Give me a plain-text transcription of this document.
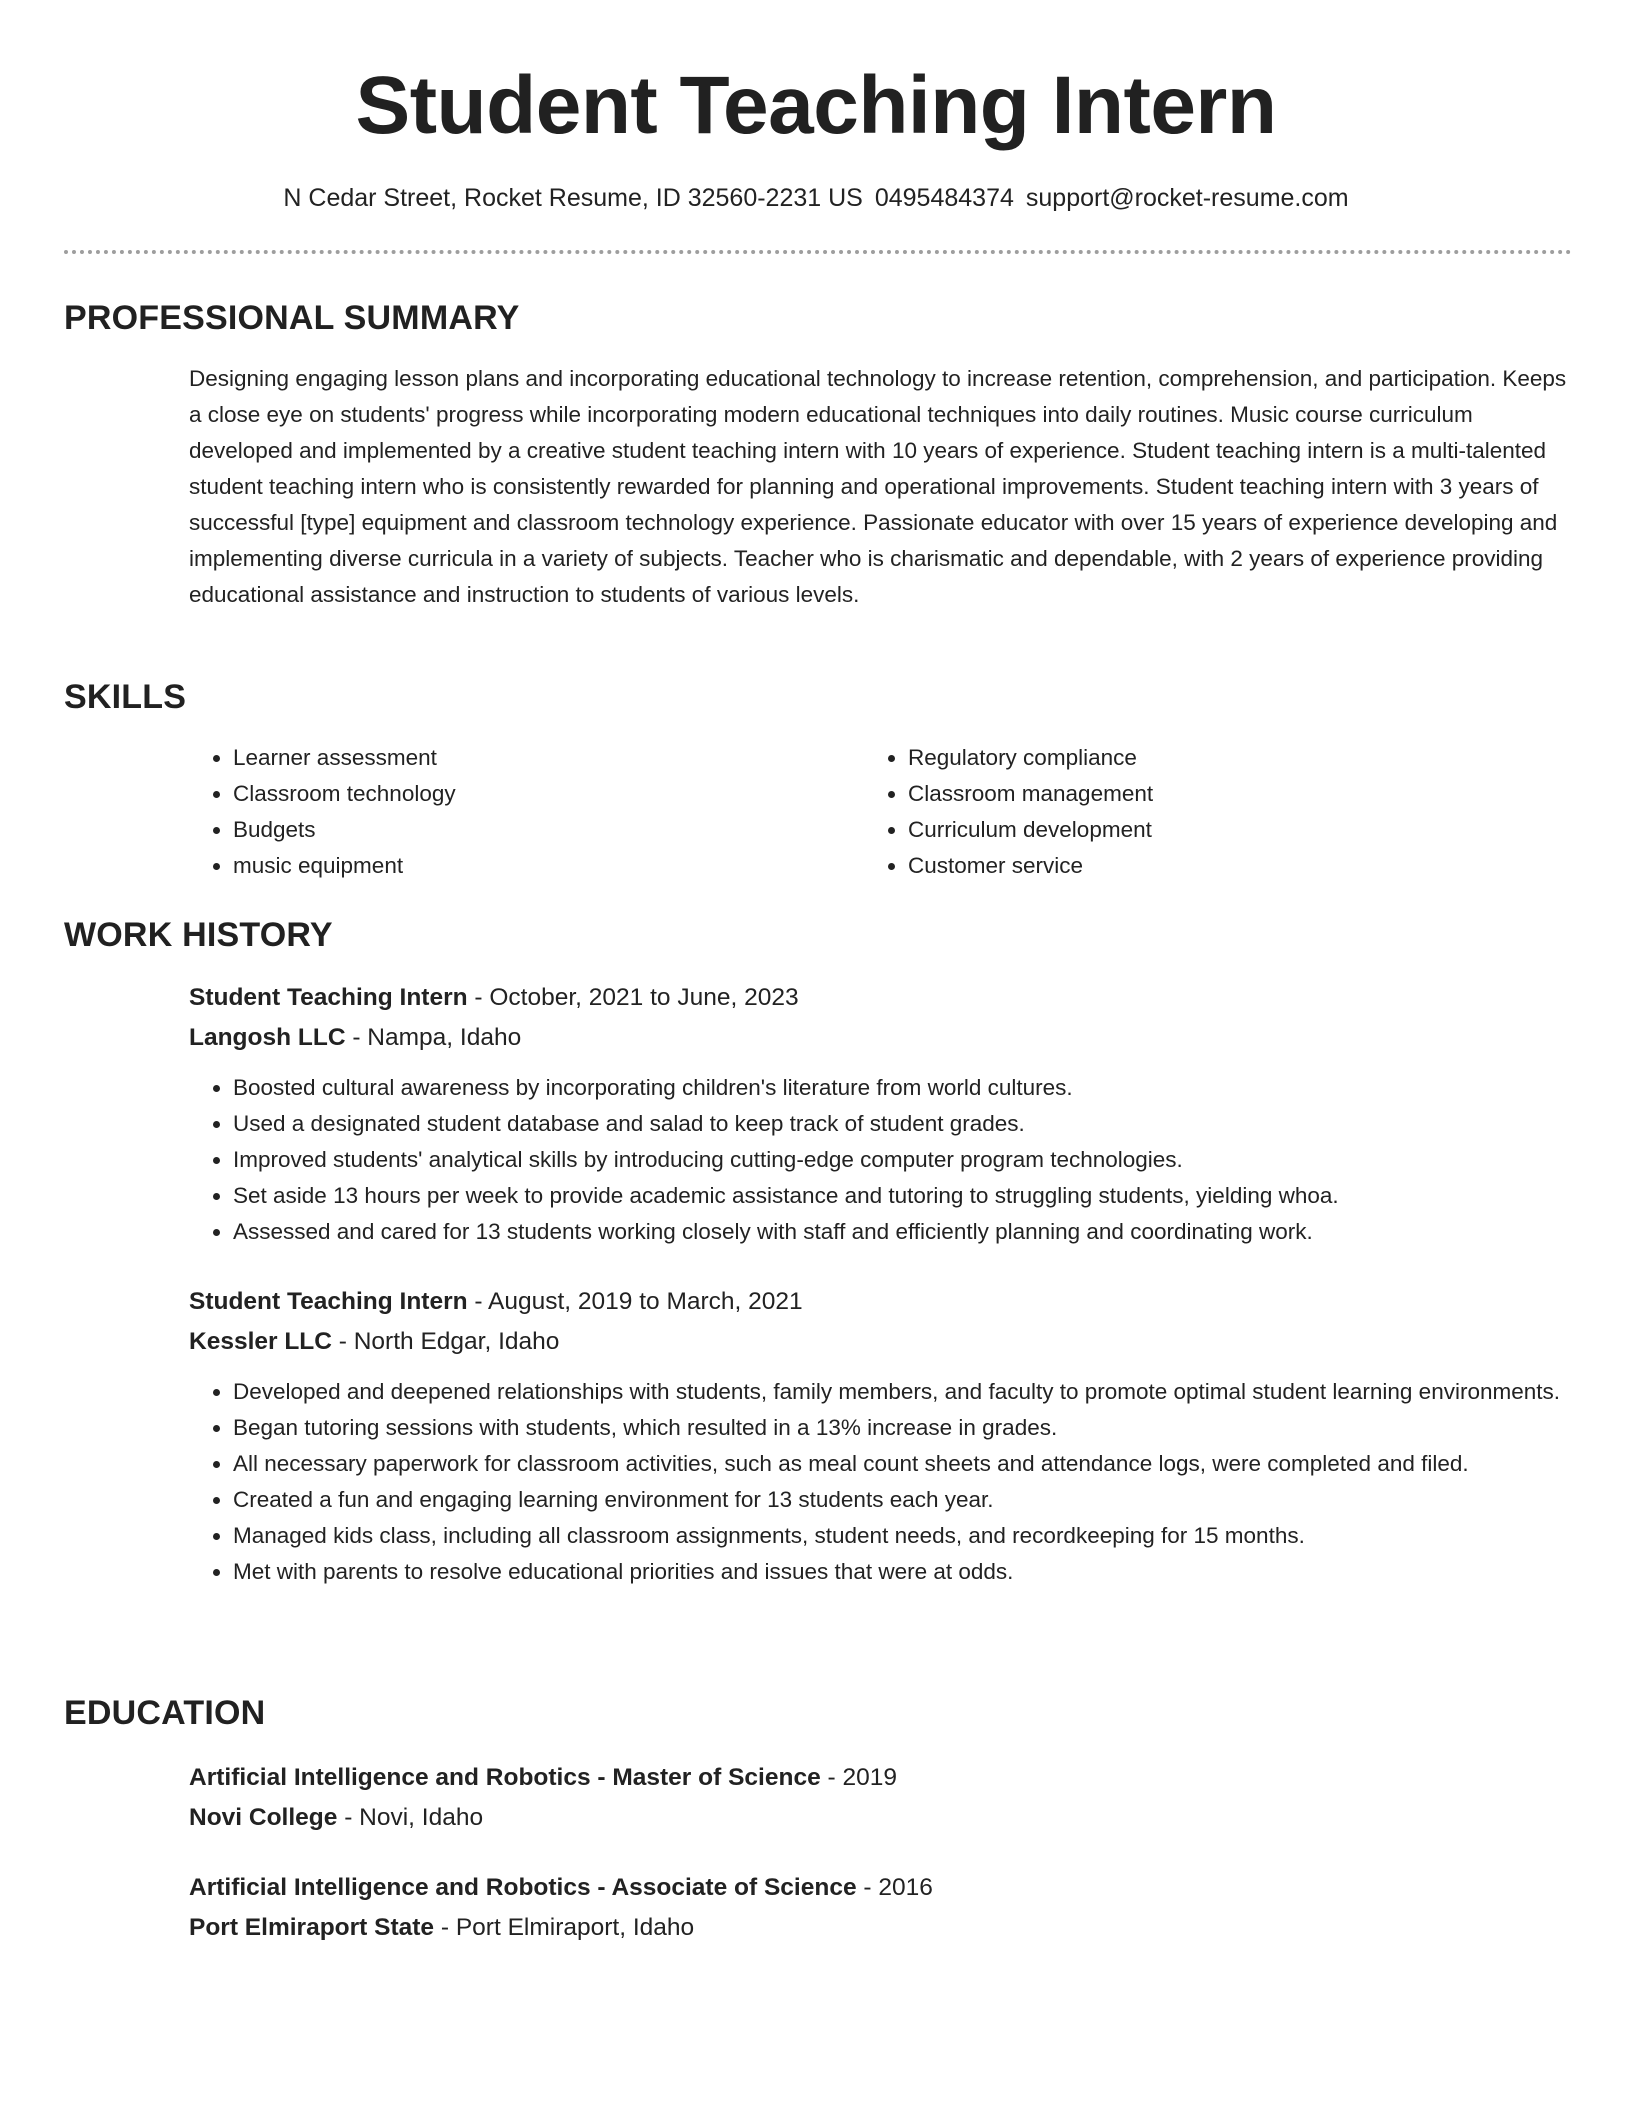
Student Teaching Intern
N Cedar Street, Rocket Resume, ID 32560-2231 US 0495484374 support@rocket-resume.com
PROFESSIONAL SUMMARY

Designing engaging lesson plans and incorporating educational technology to increase retention, comprehension, and participation. Keeps a close eye on students' progress while incorporating modern educational techniques into daily routines. Music course curriculum developed and implemented by a creative student teaching intern with 10 years of experience. Student teaching intern is a multi-talented student teaching intern who is consistently rewarded for planning and operational improvements. Student teaching intern with 3 years of successful [type] equipment and classroom technology experience. Passionate educator with over 15 years of experience developing and implementing diverse curricula in a variety of subjects. Teacher who is charismatic and dependable, with 2 years of experience providing educational assistance and instruction to students of various levels.

SKILLS
• Learner assessment
• Classroom technology
• Budgets
• music equipment
• Regulatory compliance
• Classroom management
• Curriculum development
• Customer service
WORK HISTORY
Student Teaching Intern - October, 2021 to June, 2023
Langosh LLC - Nampa, Idaho
• Boosted cultural awareness by incorporating children's literature from world cultures.
• Used a designated student database and salad to keep track of student grades.
• Improved students' analytical skills by introducing cutting-edge computer program technologies.
• Set aside 13 hours per week to provide academic assistance and tutoring to struggling students, yielding whoa.
• Assessed and cared for 13 students working closely with staff and efficiently planning and coordinating work.
Student Teaching Intern - August, 2019 to March, 2021
Kessler LLC - North Edgar, Idaho
• Developed and deepened relationships with students, family members, and faculty to promote optimal student learning environments.
• Began tutoring sessions with students, which resulted in a 13% increase in grades.
• All necessary paperwork for classroom activities, such as meal count sheets and attendance logs, were completed and filed.
• Created a fun and engaging learning environment for 13 students each year.
• Managed kids class, including all classroom assignments, student needs, and recordkeeping for 15 months.
• Met with parents to resolve educational priorities and issues that were at odds.
EDUCATION
Artificial Intelligence and Robotics - Master of Science - 2019
Novi College - Novi, Idaho
Artificial Intelligence and Robotics - Associate of Science - 2016
Port Elmiraport State - Port Elmiraport, Idaho
